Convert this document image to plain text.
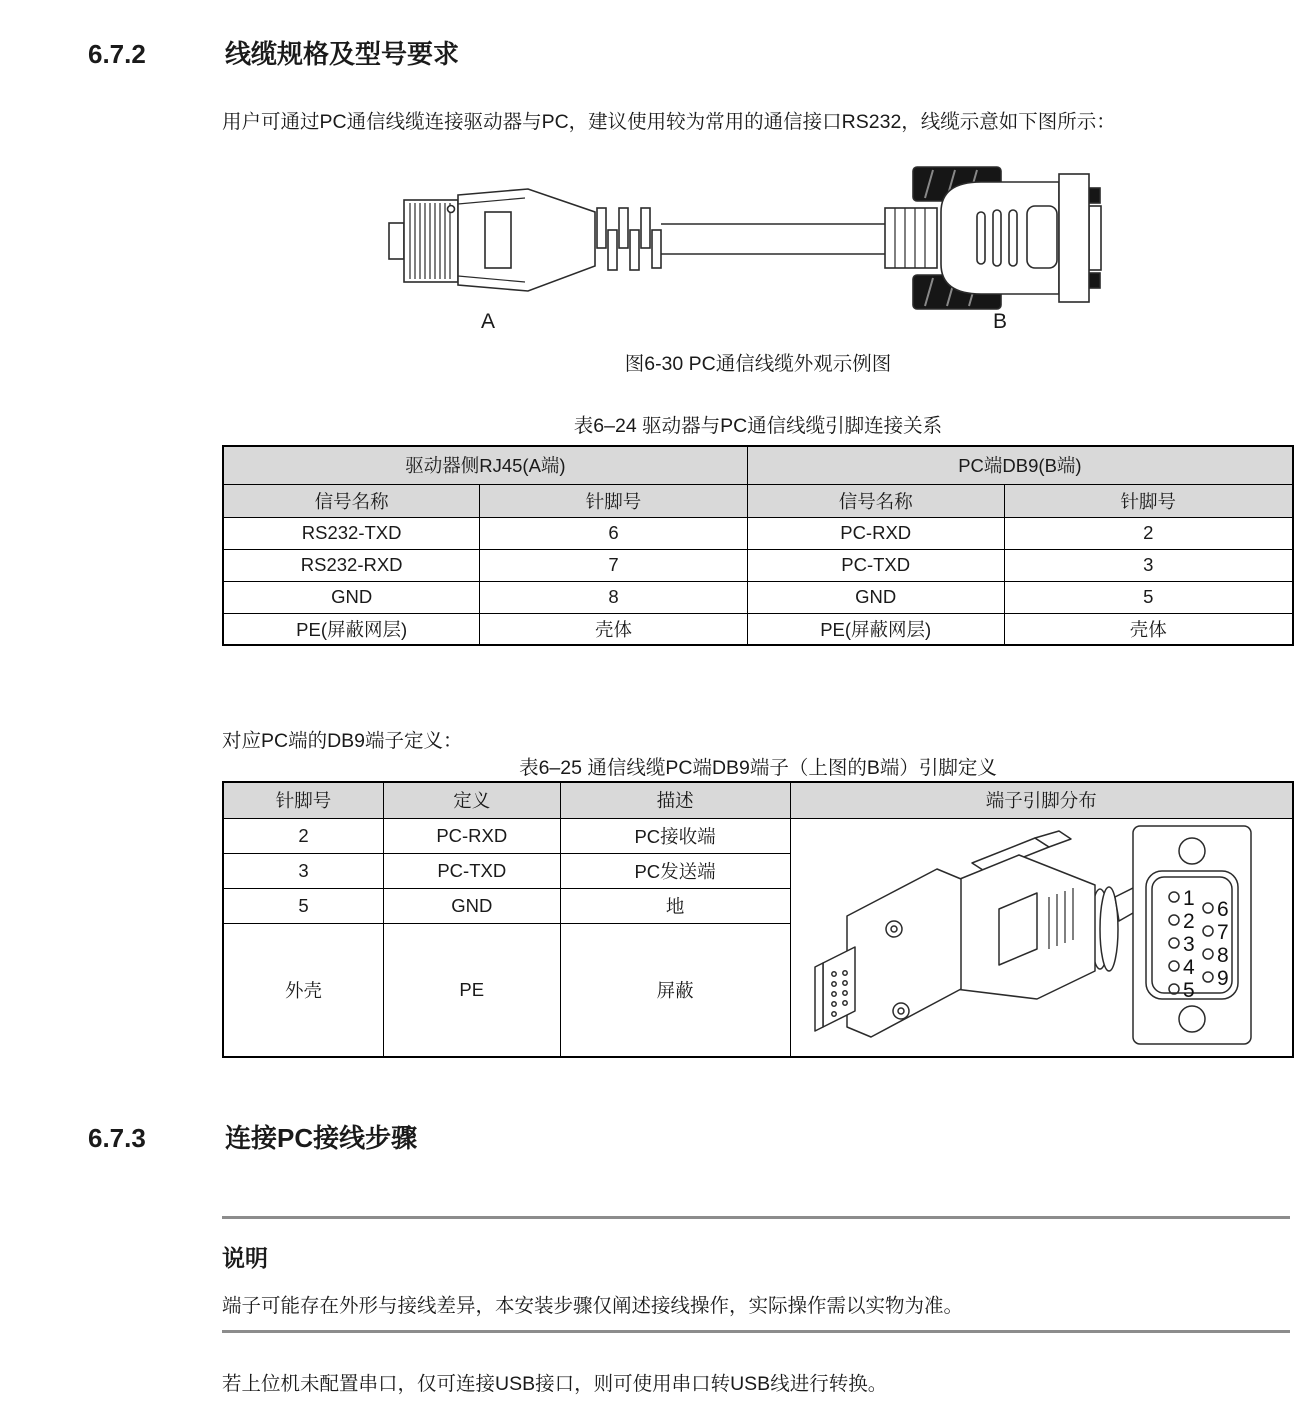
6.7.2	线缆规格及型号要求
用户可通过PC通信线缆连接驱动器与PC，建议使用较为常用的通信接口RS232，线缆示意如下图所示：
A	B
图6-30 PC通信线缆外观示例图
表6–24 驱动器与PC通信线缆引脚连接关系
驱动器侧RJ45(A端)		PC端DB9(B端)	
信号名称	针脚号	信号名称	针脚号
RS232-TXD	6	PC-RXD	2
RS232-RXD	7	PC-TXD	3
GND	8	GND	5
PE(屏蔽网层)	壳体	PE(屏蔽网层)	壳体
对应PC端的DB9端子定义：
表6–25 通信线缆PC端DB9端子（上图的B端）引脚定义
针脚号	定义	描述	端子引脚分布
2	PC-RXD	PC接收端	
1
2
3
4
5
6
7
8
9

3	PC-TXD	PC发送端	
5	GND	地	
外壳	PE	屏蔽	
6.7.3	连接PC接线步骤
说明
端子可能存在外形与接线差异，本安装步骤仅阐述接线操作，实际操作需以实物为准。
若上位机未配置串口，仅可连接USB接口，则可使用串口转USB线进行转换。
